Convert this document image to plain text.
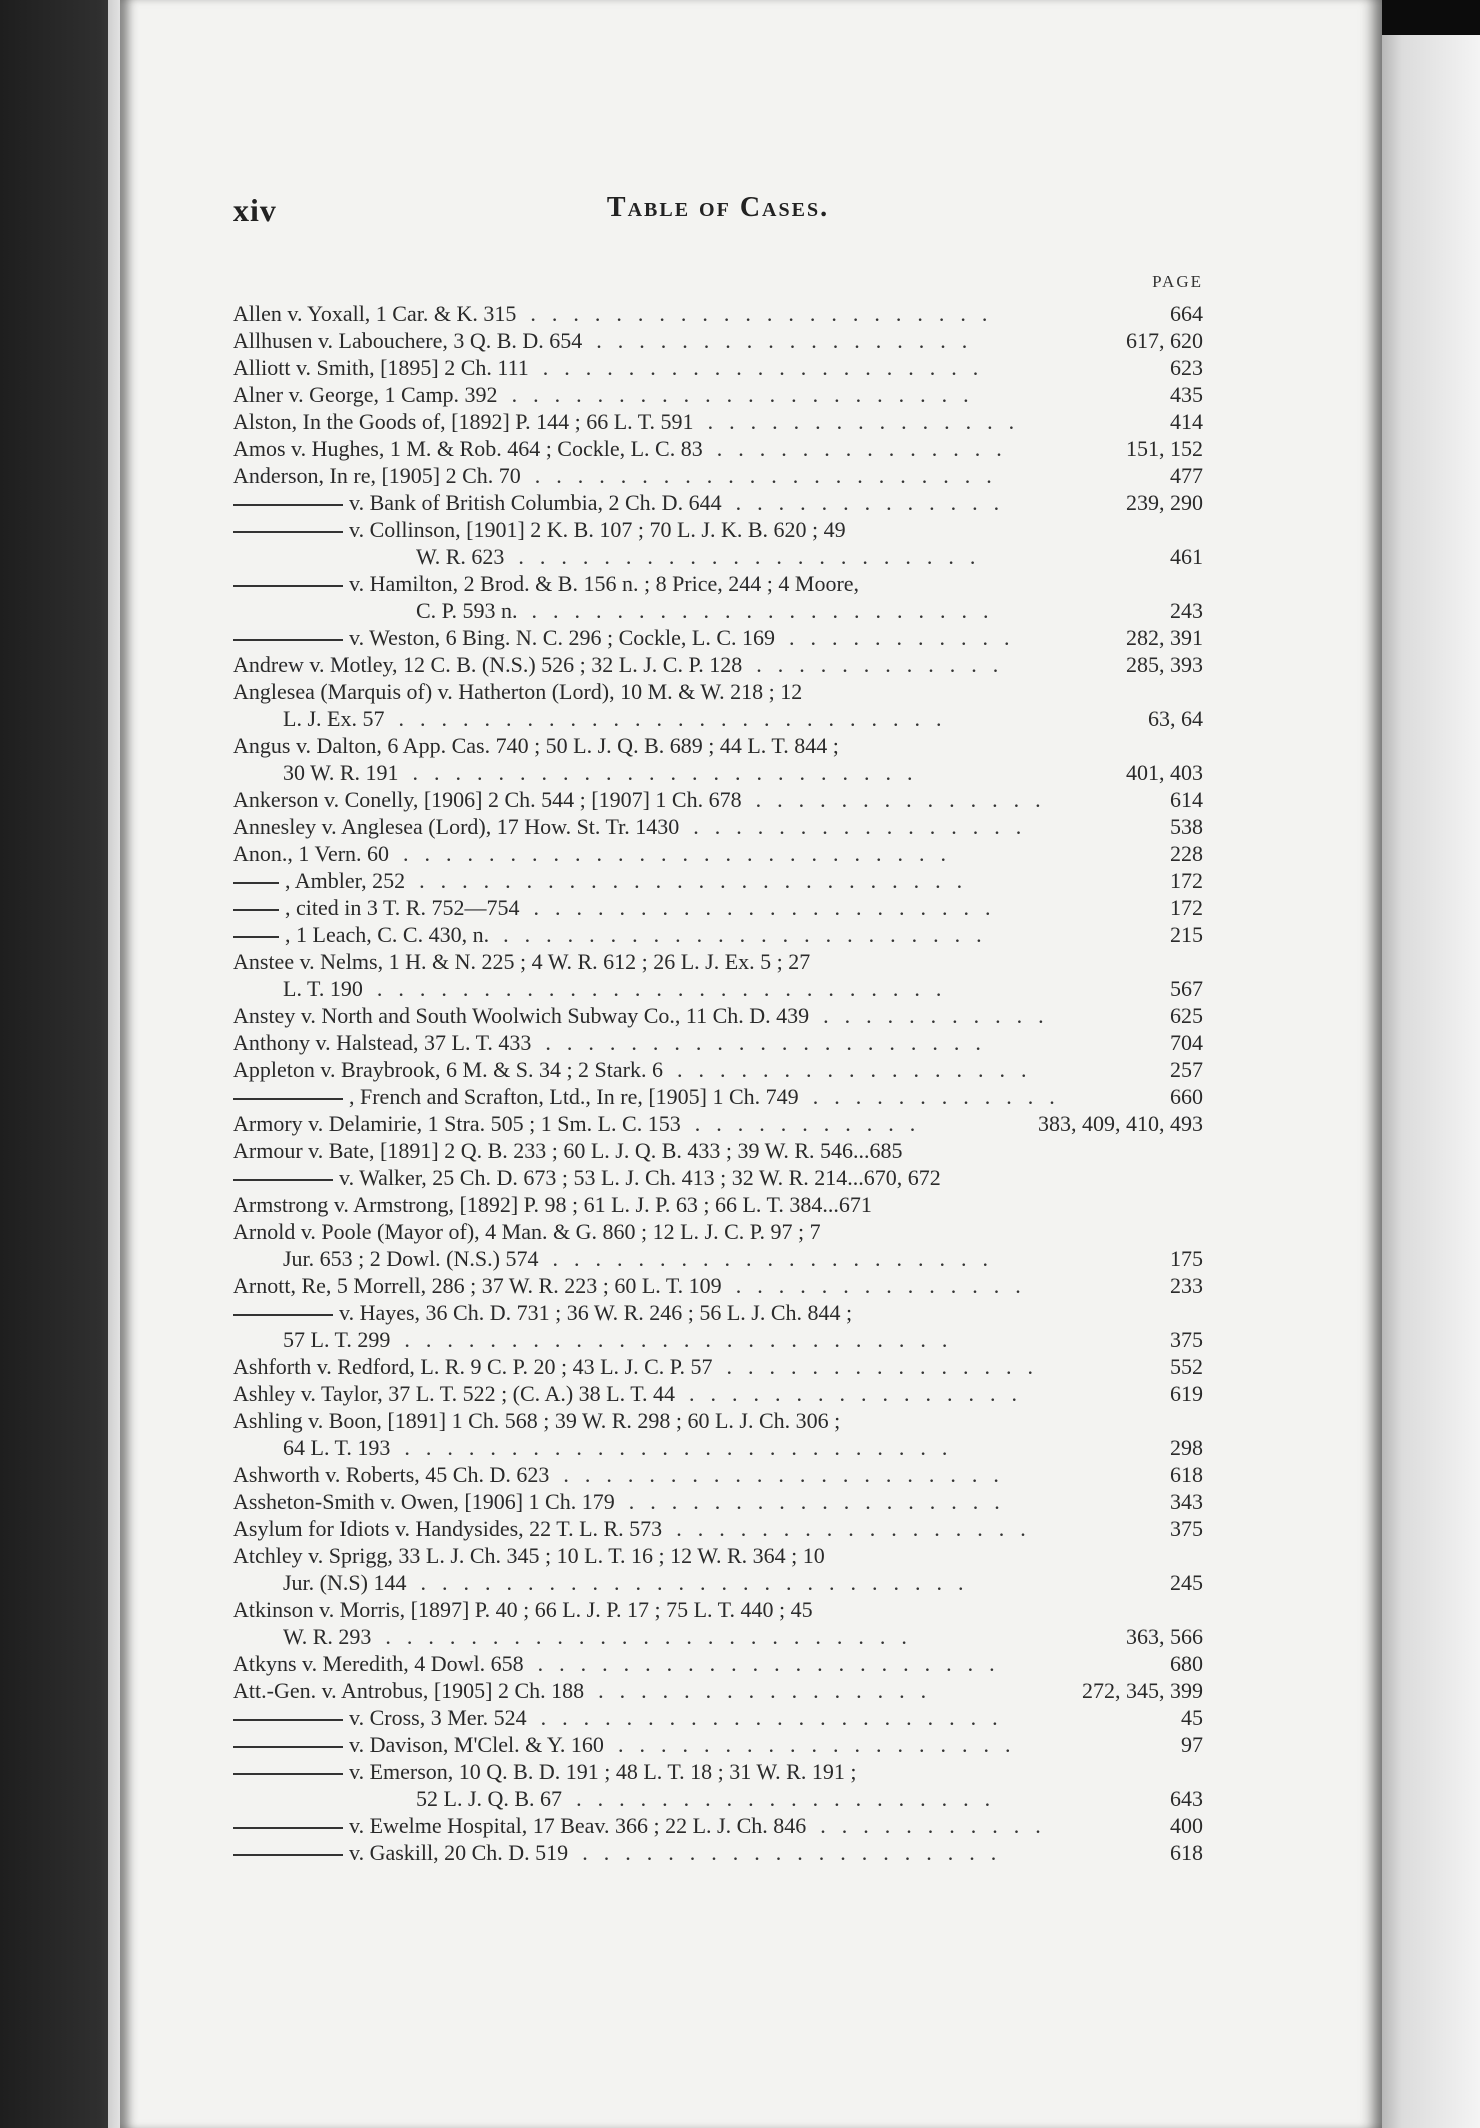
xiv	Table of Cases.
PAGE
Allen v. Yoxall, 1 Car. & K. 315	664
......................
Allhusen v. Labouchere, 3 Q. B. D. 654	617, 620
..................
Alliott v. Smith, [1895] 2 Ch. 111	623
.....................
Alner v. George, 1 Camp. 392	435
......................
Alston, In the Goods of, [1892] P. 144 ; 66 L. T. 591	414
...............
Amos v. Hughes, 1 M. & Rob. 464 ; Cockle, L. C. 83	151, 152
..............
Anderson, In re, [1905] 2 Ch. 70	477
......................
v. Bank of British Columbia, 2 Ch. D. 644	239, 290
.............
v. Collinson, [1901] 2 K. B. 107 ; 70 L. J. K. B. 620 ; 49
W. R. 623	461
......................
v. Hamilton, 2 Brod. & B. 156 n. ; 8 Price, 244 ; 4 Moore,
C. P. 593 n.	243
......................
v. Weston, 6 Bing. N. C. 296 ; Cockle, L. C. 169	282, 391
...........
Andrew v. Motley, 12 C. B. (N.S.) 526 ; 32 L. J. C. P. 128	285, 393
............
Anglesea (Marquis of) v. Hatherton (Lord), 10 M. & W. 218 ; 12
L. J. Ex. 57	63, 64
..........................
Angus v. Dalton, 6 App. Cas. 740 ; 50 L. J. Q. B. 689 ; 44 L. T. 844 ;
30 W. R. 191	401, 403
........................
Ankerson v. Conelly, [1906] 2 Ch. 544 ; [1907] 1 Ch. 678	614
..............
Annesley v. Anglesea (Lord), 17 How. St. Tr. 1430	538
................
Anon., 1 Vern. 60	228
..........................
, Ambler, 252	172
..........................
, cited in 3 T. R. 752—754	172
......................
, 1 Leach, C. C. 430, n.	215
.......................
Anstee v. Nelms, 1 H. & N. 225 ; 4 W. R. 612 ; 26 L. J. Ex. 5 ; 27
L. T. 190	567
...........................
Anstey v. North and South Woolwich Subway Co., 11 Ch. D. 439	625
...........
Anthony v. Halstead, 37 L. T. 433	704
.....................
Appleton v. Braybrook, 6 M. & S. 34 ; 2 Stark. 6	257
.................
, French and Scrafton, Ltd., In re, [1905] 1 Ch. 749	660
............
Armory v. Delamirie, 1 Stra. 505 ; 1 Sm. L. C. 153	383, 409, 410, 493
...........
Armour v. Bate, [1891] 2 Q. B. 233 ; 60 L. J. Q. B. 433 ; 39 W. R. 546...685
v. Walker, 25 Ch. D. 673 ; 53 L. J. Ch. 413 ; 32 W. R. 214...670, 672
Armstrong v. Armstrong, [1892] P. 98 ; 61 L. J. P. 63 ; 66 L. T. 384...671
Arnold v. Poole (Mayor of), 4 Man. & G. 860 ; 12 L. J. C. P. 97 ; 7
Jur. 653 ; 2 Dowl. (N.S.) 574	175
.....................
Arnott, Re, 5 Morrell, 286 ; 37 W. R. 223 ; 60 L. T. 109	233
..............
v. Hayes, 36 Ch. D. 731 ; 36 W. R. 246 ; 56 L. J. Ch. 844 ;
57 L. T. 299	375
..........................
Ashforth v. Redford, L. R. 9 C. P. 20 ; 43 L. J. C. P. 57	552
...............
Ashley v. Taylor, 37 L. T. 522 ; (C. A.) 38 L. T. 44	619
................
Ashling v. Boon, [1891] 1 Ch. 568 ; 39 W. R. 298 ; 60 L. J. Ch. 306 ;
64 L. T. 193	298
..........................
Ashworth v. Roberts, 45 Ch. D. 623	618
.....................
Assheton-Smith v. Owen, [1906] 1 Ch. 179	343
..................
Asylum for Idiots v. Handysides, 22 T. L. R. 573	375
.................
Atchley v. Sprigg, 33 L. J. Ch. 345 ; 10 L. T. 16 ; 12 W. R. 364 ; 10
Jur. (N.S) 144	245
..........................
Atkinson v. Morris, [1897] P. 40 ; 66 L. J. P. 17 ; 75 L. T. 440 ; 45
W. R. 293	363, 566
.........................
Atkyns v. Meredith, 4 Dowl. 658	680
......................
Att.-Gen. v. Antrobus, [1905] 2 Ch. 188	272, 345, 399
................
v. Cross, 3 Mer. 524	45
......................
v. Davison, M'Clel. & Y. 160	97
...................
v. Emerson, 10 Q. B. D. 191 ; 48 L. T. 18 ; 31 W. R. 191 ;
52 L. J. Q. B. 67	643
....................
v. Ewelme Hospital, 17 Beav. 366 ; 22 L. J. Ch. 846	400
...........
v. Gaskill, 20 Ch. D. 519	618
....................
